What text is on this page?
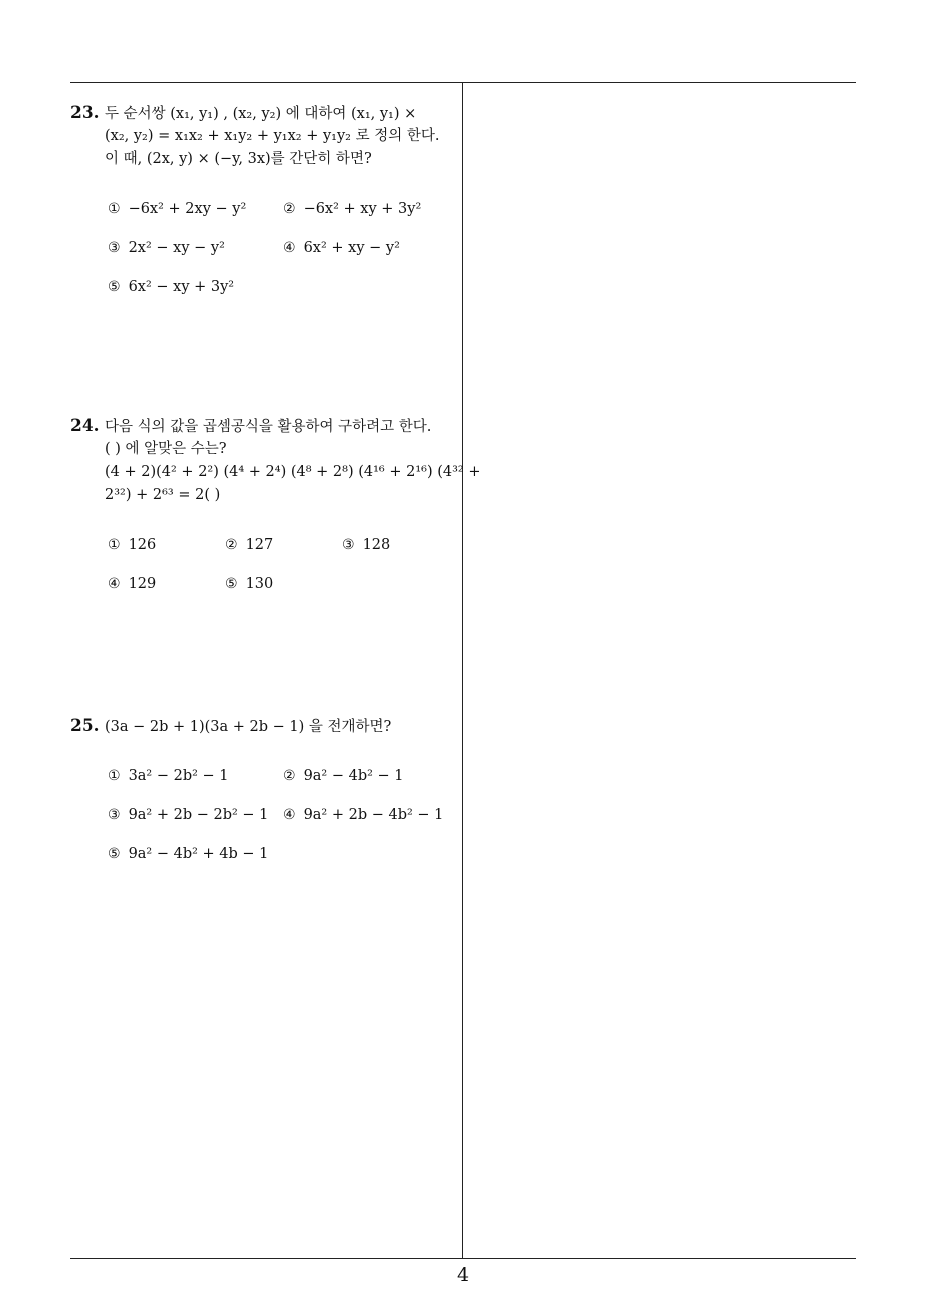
23. 두 순서쌍 (x₁, y₁) , (x₂, y₂) 에 대하여 (x₁, y₁) ×
(x₂, y₂) = x₁x₂ + x₁y₂ + y₁x₂ + y₁y₂ 로 정의 한다.
이 때, (2x, y) × (−y, 3x)를 간단히 하면?
① −6x² + 2xy − y²	② −6x² + xy + 3y²
③ 2x² − xy − y²	④ 6x² + xy − y²
⑤ 6x² − xy + 3y²
24. 다음 식의 값을 곱셈공식을 활용하여 구하려고 한다.
( ) 에 알맞은 수는?
(4 + 2)(4² + 2²) (4⁴ + 2⁴) (4⁸ + 2⁸) (4¹⁶ + 2¹⁶) (4³² +
2³²) + 2⁶³ = 2( )
① 126	② 127	③ 128
④ 129	⑤ 130
25. (3a − 2b + 1)(3a + 2b − 1) 을 전개하면?
① 3a² − 2b² − 1	② 9a² − 4b² − 1
③ 9a² + 2b − 2b² − 1 ④ 9a² + 2b − 4b² − 1
⑤ 9a² − 4b² + 4b − 1
4
